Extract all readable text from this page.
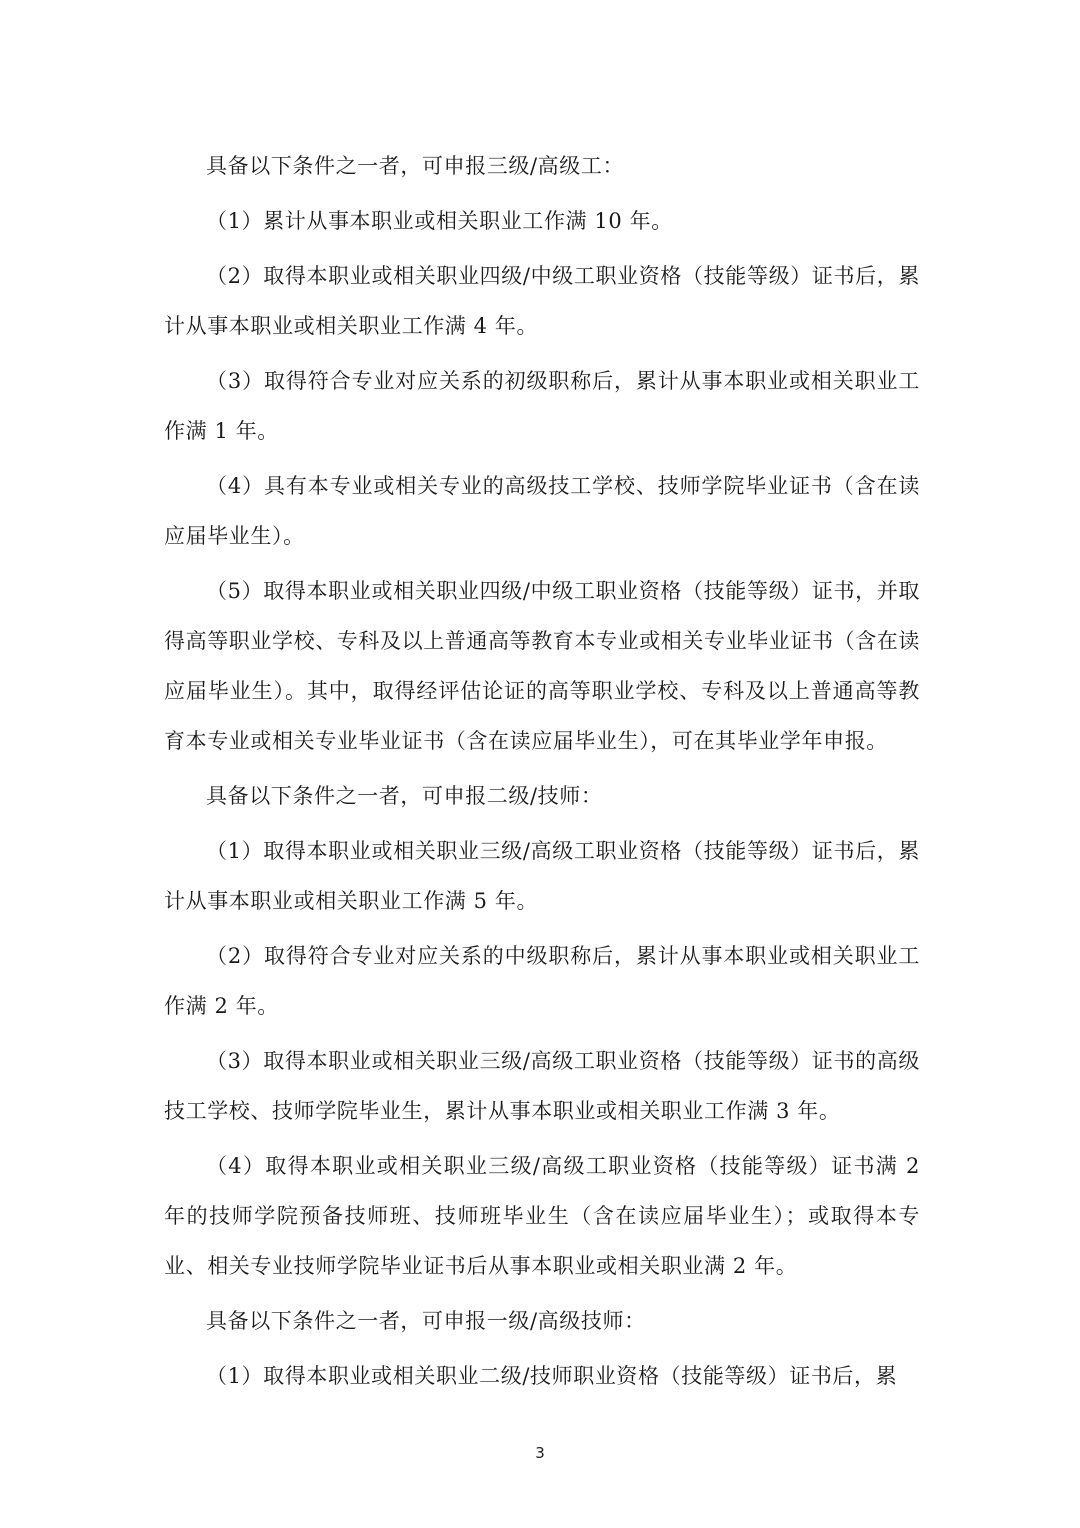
具备以下条件之一者，可申报三级/高级工：

（1）累计从事本职业或相关职业工作满 10 年。

（2）取得本职业或相关职业四级/中级工职业资格（技能等级）证书后，累计从事本职业或相关职业工作满 4 年。

（3）取得符合专业对应关系的初级职称后，累计从事本职业或相关职业工作满 1 年。

（4）具有本专业或相关专业的高级技工学校、技师学院毕业证书（含在读应届毕业生）。

（5）取得本职业或相关职业四级/中级工职业资格（技能等级）证书，并取得高等职业学校、专科及以上普通高等教育本专业或相关专业毕业证书（含在读应届毕业生）。其中，取得经评估论证的高等职业学校、专科及以上普通高等教育本专业或相关专业毕业证书（含在读应届毕业生），可在其毕业学年申报。

具备以下条件之一者，可申报二级/技师：

（1）取得本职业或相关职业三级/高级工职业资格（技能等级）证书后，累计从事本职业或相关职业工作满 5 年。

（2）取得符合专业对应关系的中级职称后，累计从事本职业或相关职业工作满 2 年。

（3）取得本职业或相关职业三级/高级工职业资格（技能等级）证书的高级技工学校、技师学院毕业生，累计从事本职业或相关职业工作满 3 年。

（4）取得本职业或相关职业三级/高级工职业资格（技能等级）证书满 2 年的技师学院预备技师班、技师班毕业生（含在读应届毕业生）；或取得本专业、相关专业技师学院毕业证书后从事本职业或相关职业满 2 年。

具备以下条件之一者，可申报一级/高级技师：

（1）取得本职业或相关职业二级/技师职业资格（技能等级）证书后，累

3
